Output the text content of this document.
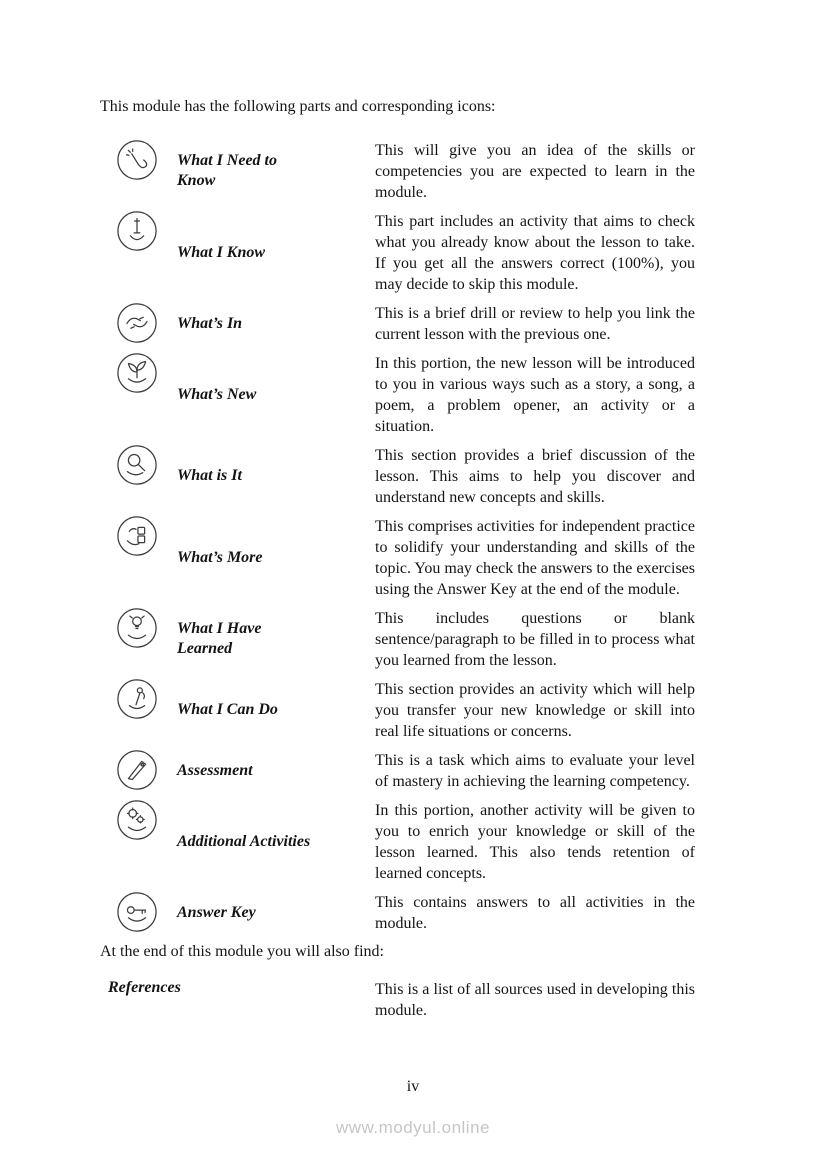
This module has the following parts and corresponding icons:

What I Need to Know
This will give you an idea of the skills or competencies you are expected to learn in the module.
What I Know
This part includes an activity that aims to check what you already know about the lesson to take. If you get all the answers correct (100%), you may decide to skip this module.
What’s In
This is a brief drill or review to help you link the current lesson with the previous one.
What’s New
In this portion, the new lesson will be introduced to you in various ways such as a story, a song, a poem, a problem opener, an activity or a situation.
What is It
This section provides a brief discussion of the lesson. This aims to help you discover and understand new concepts and skills.
What’s More
This comprises activities for independent practice to solidify your understanding and skills of the topic. You may check the answers to the exercises using the Answer Key at the end of the module.
What I Have Learned
This includes questions or blank sentence/paragraph to be filled in to process what you learned from the lesson.
What I Can Do
This section provides an activity which will help you transfer your new knowledge or skill into real life situations or concerns.
Assessment
This is a task which aims to evaluate your level of mastery in achieving the learning competency.
Additional Activities
In this portion, another activity will be given to you to enrich your knowledge or skill of the lesson learned. This also tends retention of learned concepts.
Answer Key
This contains answers to all activities in the module.

At the end of this module you will also find:

References	This is a list of all sources used in developing this module.
iv
www.modyul.online
